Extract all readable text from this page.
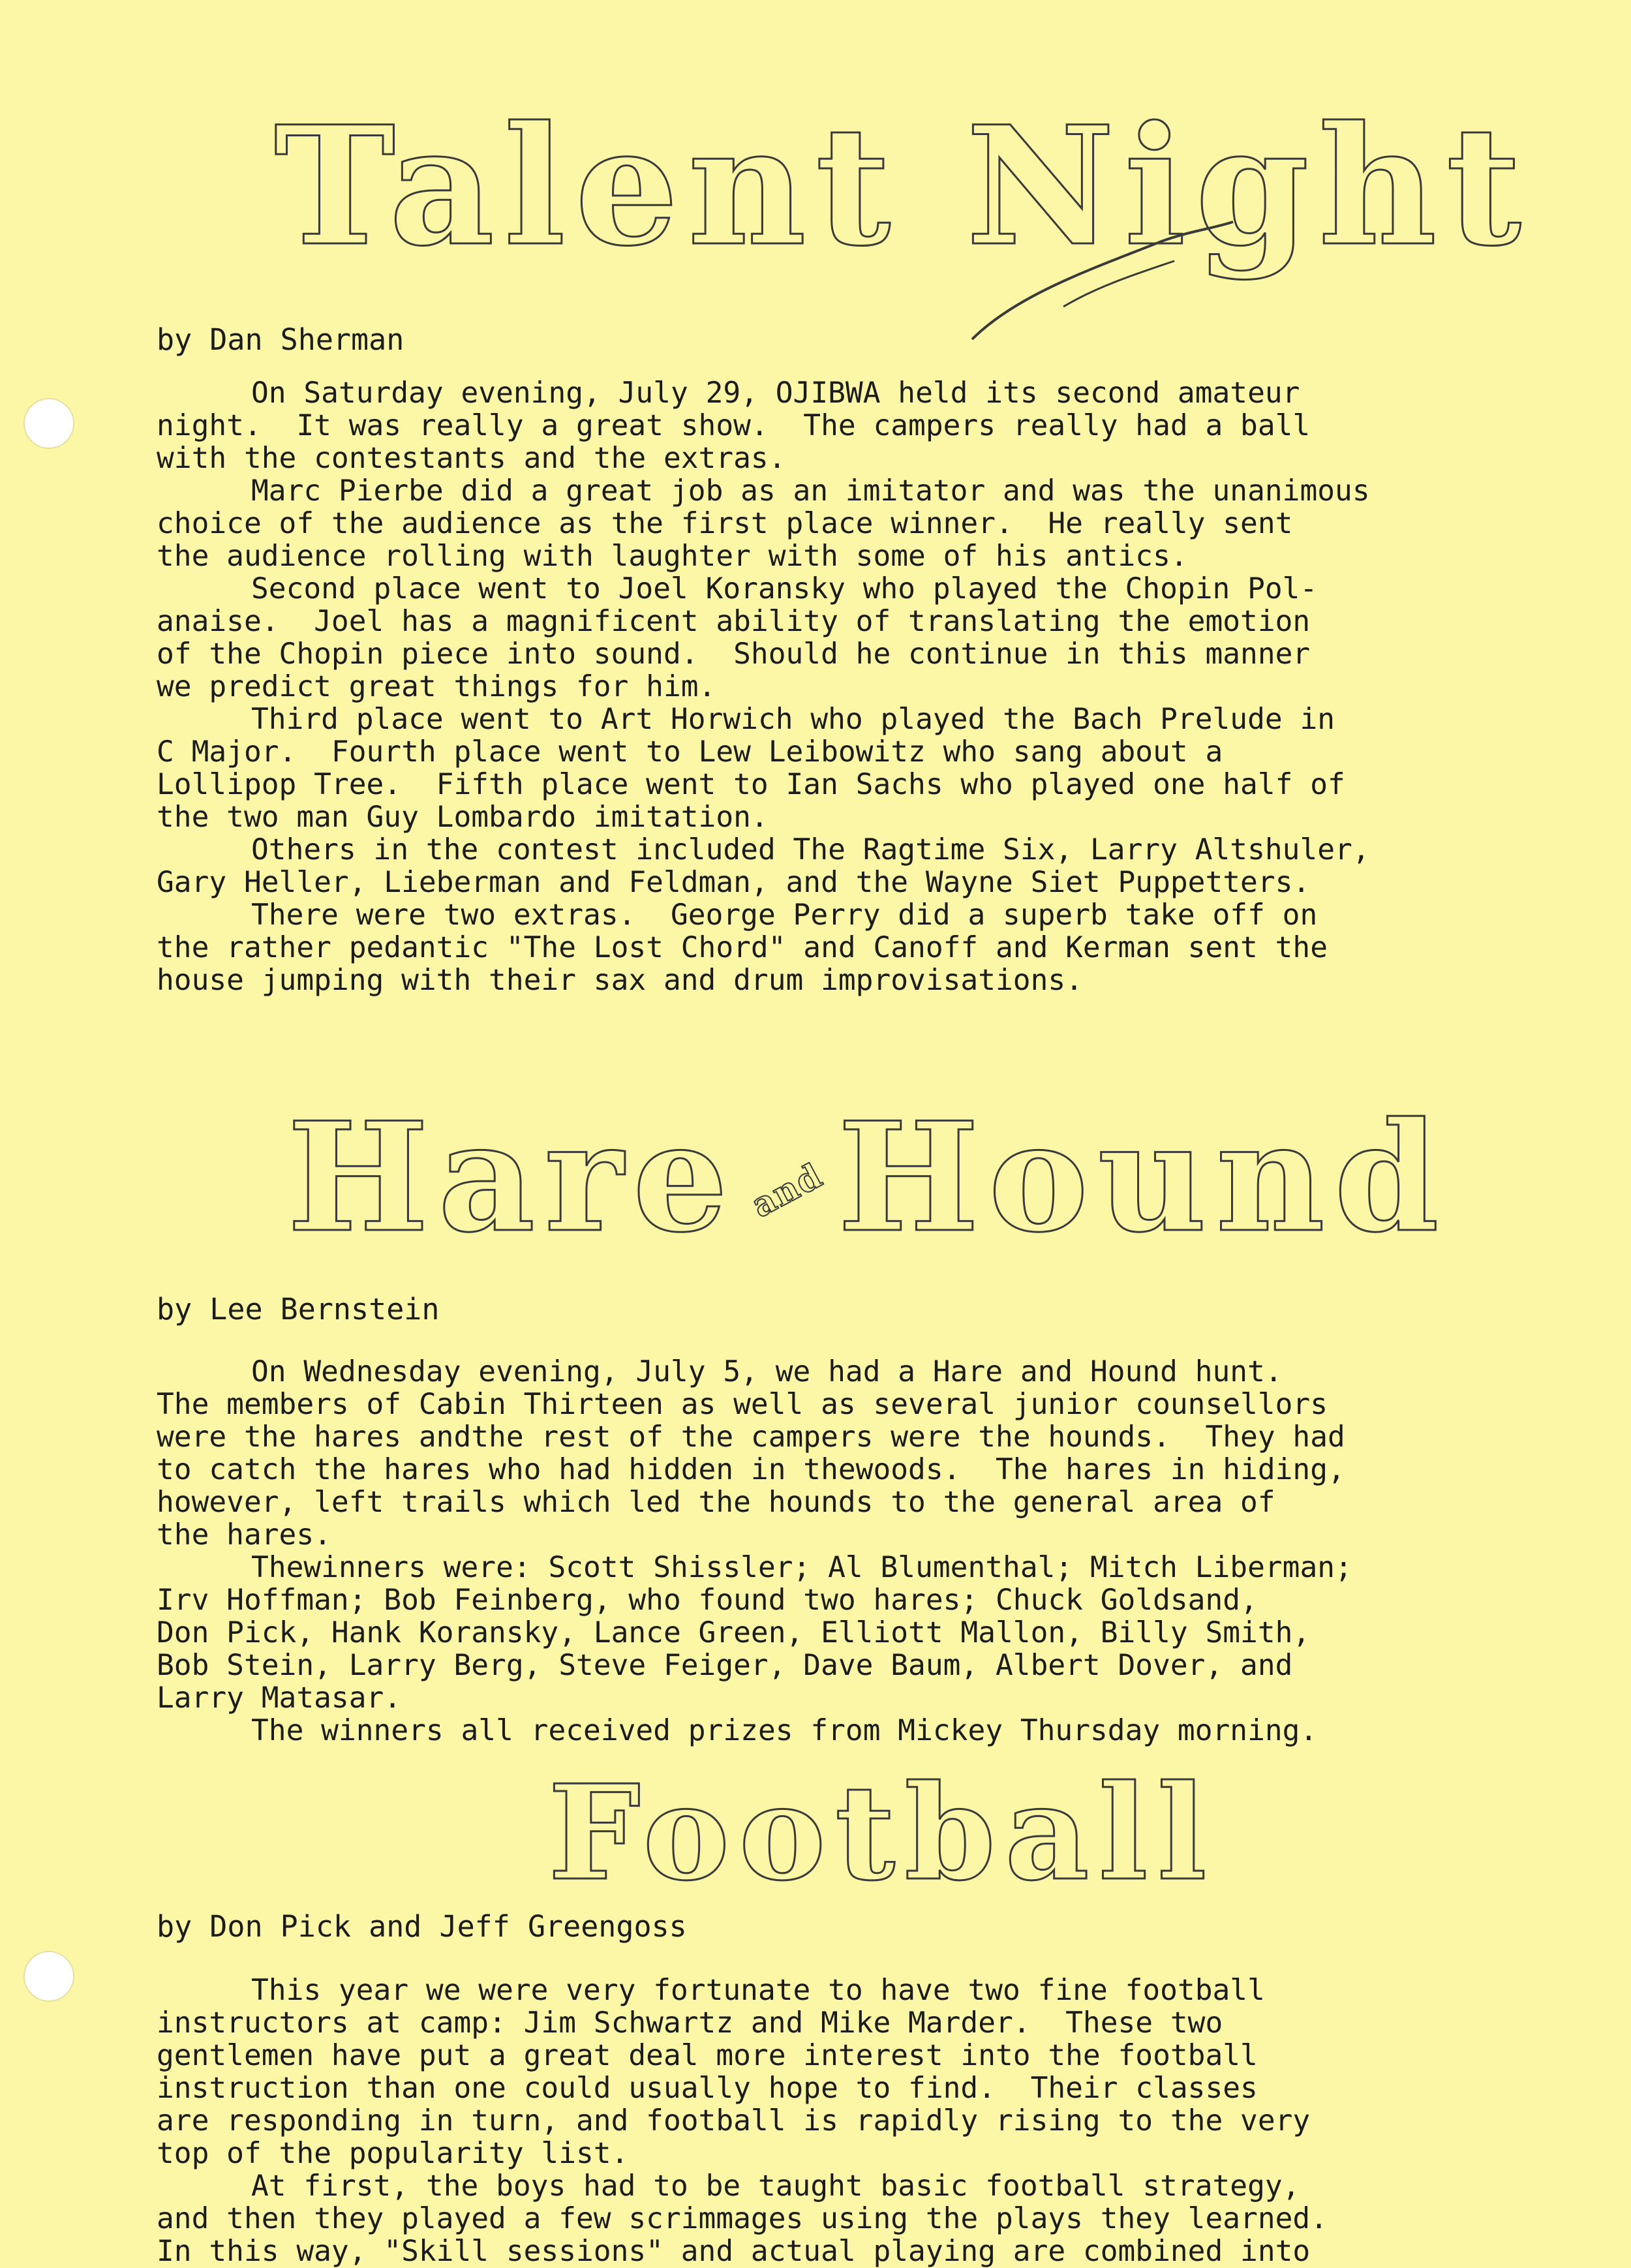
Talent Night
by Dan Sherman
On Saturday evening, July 29, OJIBWA held its second amateur
night.  It was really a great show.  The campers really had a ball
with the contestants and the extras.
Marc Pierbe did a great job as an imitator and was the unanimous
choice of the audience as the first place winner.  He really sent
the audience rolling with laughter with some of his antics.
Second place went to Joel Koransky who played the Chopin Pol-
anaise.  Joel has a magnificent ability of translating the emotion
of the Chopin piece into sound.  Should he continue in this manner
we predict great things for him.
Third place went to Art Horwich who played the Bach Prelude in
C Major.  Fourth place went to Lew Leibowitz who sang about a
Lollipop Tree.  Fifth place went to Ian Sachs who played one half of
the two man Guy Lombardo imitation.
Others in the contest included The Ragtime Six, Larry Altshuler,
Gary Heller, Lieberman and Feldman, and the Wayne Siet Puppetters.
There were two extras.  George Perry did a superb take off on
the rather pedantic "The Lost Chord" and Canoff and Kerman sent the
house jumping with their sax and drum improvisations.
Hare andHound
by Lee Bernstein
On Wednesday evening, July 5, we had a Hare and Hound hunt.
The members of Cabin Thirteen as well as several junior counsellors
were the hares andthe rest of the campers were the hounds.  They had
to catch the hares who had hidden in thewoods.  The hares in hiding,
however, left trails which led the hounds to the general area of
the hares.
Thewinners were: Scott Shissler; Al Blumenthal; Mitch Liberman;
Irv Hoffman; Bob Feinberg, who found two hares; Chuck Goldsand,
Don Pick, Hank Koransky, Lance Green, Elliott Mallon, Billy Smith,
Bob Stein, Larry Berg, Steve Feiger, Dave Baum, Albert Dover, and
Larry Matasar.
The winners all received prizes from Mickey Thursday morning.
Football
by Don Pick and Jeff Greengoss
This year we were very fortunate to have two fine football
instructors at camp: Jim Schwartz and Mike Marder.  These two
gentlemen have put a great deal more interest into the football
instruction than one could usually hope to find.  Their classes
are responding in turn, and football is rapidly rising to the very
top of the popularity list.
At first, the boys had to be taught basic football strategy,
and then they played a few scrimmages using the plays they learned.
In this way, "Skill sessions" and actual playing are combined into
